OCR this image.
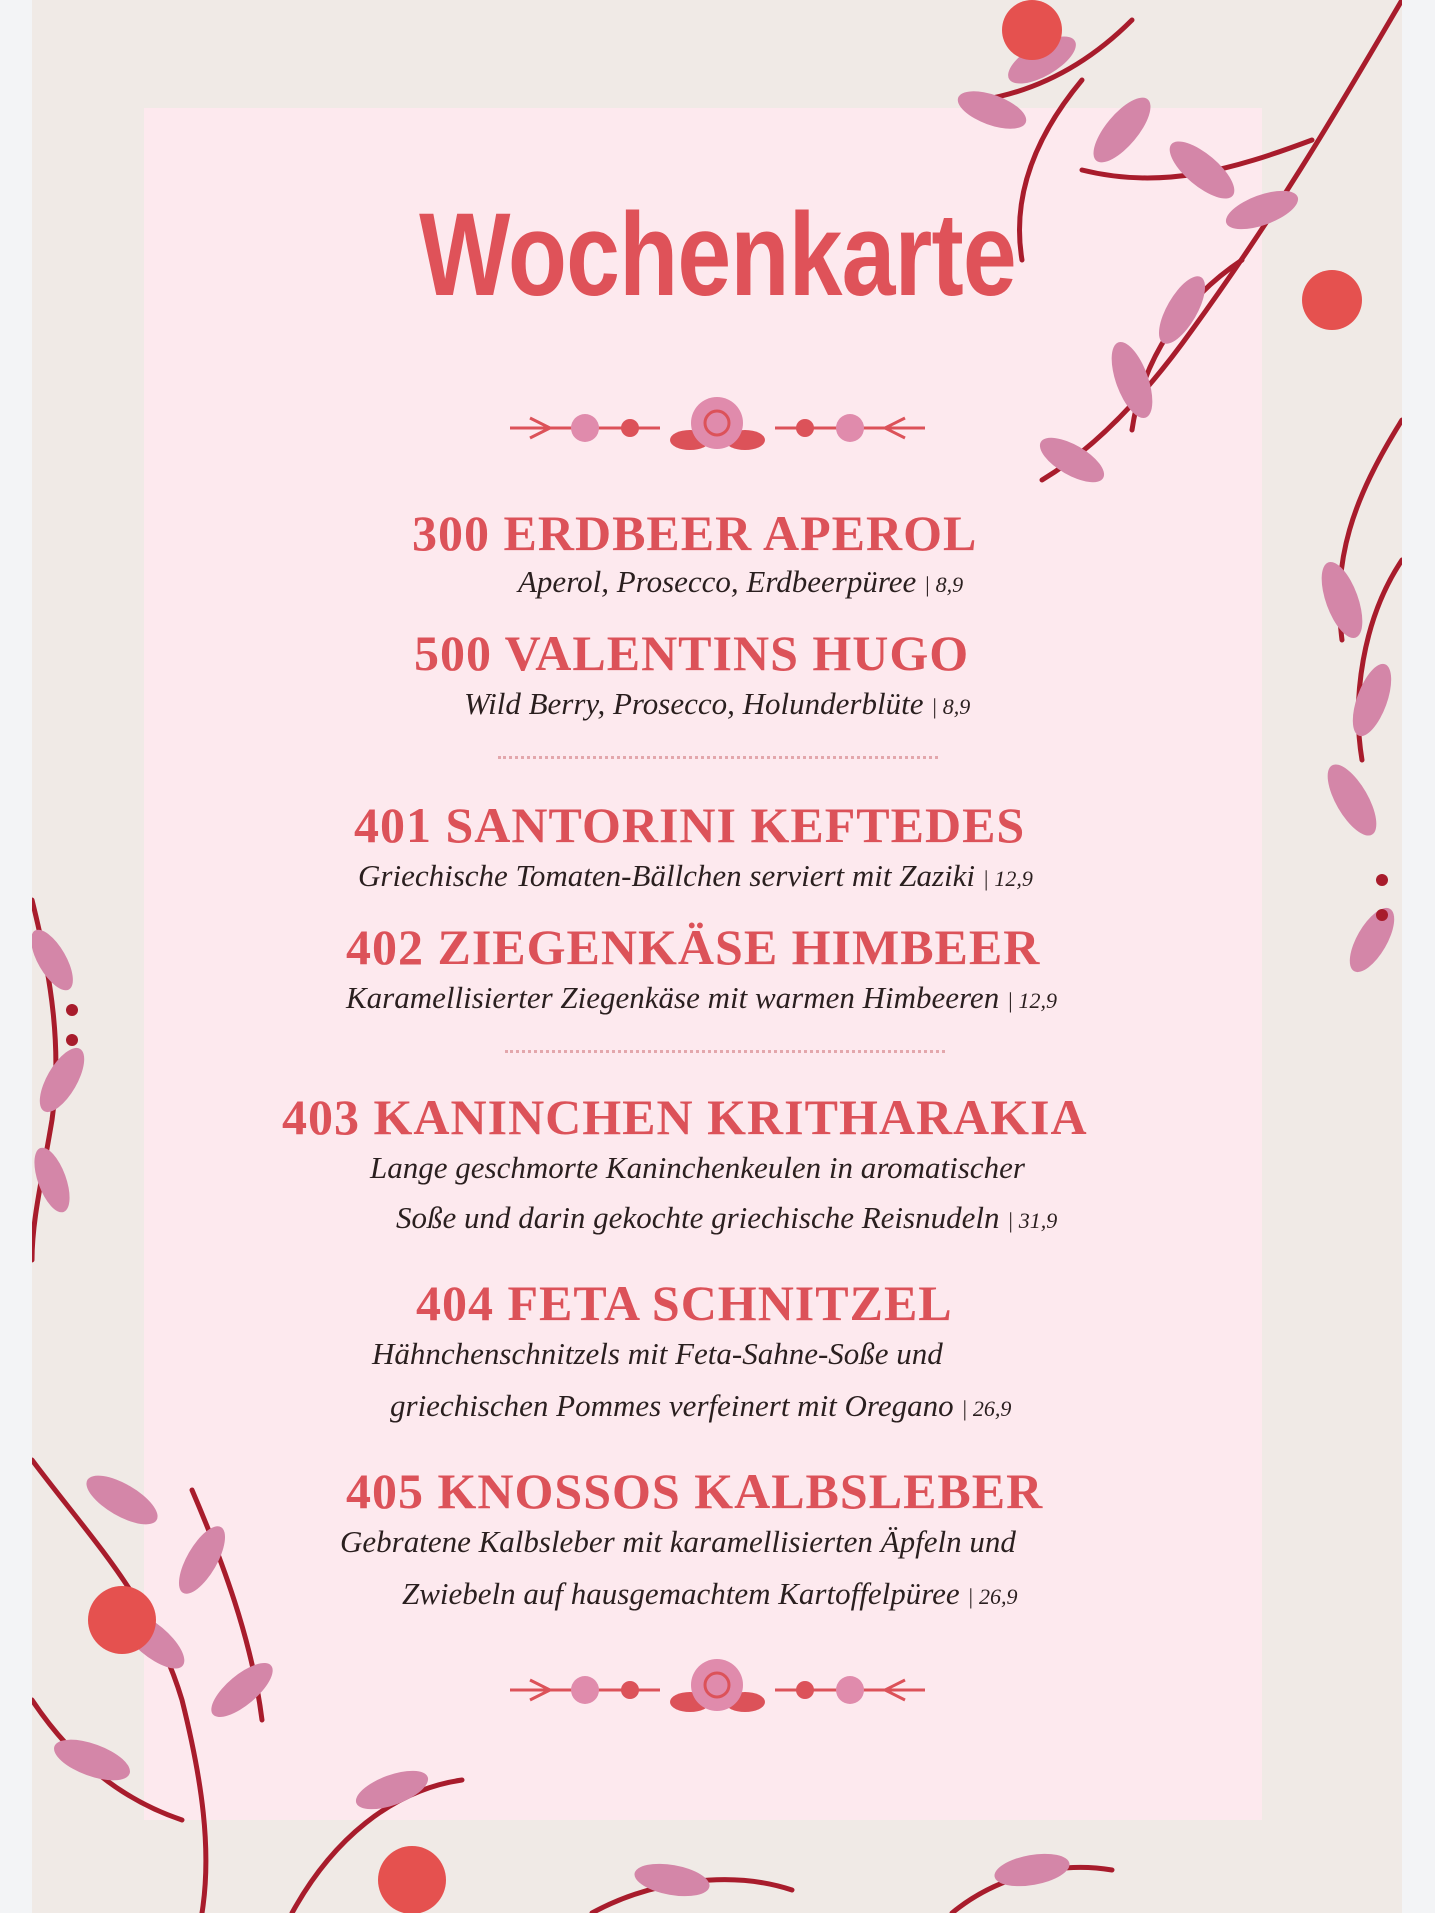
Wochenkarte
300 ERDBEER APEROL
Aperol, Prosecco, Erdbeerpüree | 8,9
500 VALENTINS HUGO
Wild Berry, Prosecco, Holunderblüte | 8,9
401 SANTORINI KEFTEDES
Griechische Tomaten-Bällchen serviert mit Zaziki | 12,9
402 ZIEGENKÄSE HIMBEER
Karamellisierter Ziegenkäse mit warmen Himbeeren | 12,9
403 KANINCHEN KRITHARAKIA
Lange geschmorte Kaninchenkeulen in aromatischer
Soße und darin gekochte griechische Reisnudeln | 31,9
404 FETA SCHNITZEL
Hähnchenschnitzels mit Feta-Sahne-Soße und
griechischen Pommes verfeinert mit Oregano | 26,9
405 KNOSSOS KALBSLEBER
Gebratene Kalbsleber mit karamellisierten Äpfeln und
Zwiebeln auf hausgemachtem Kartoffelpüree | 26,9
